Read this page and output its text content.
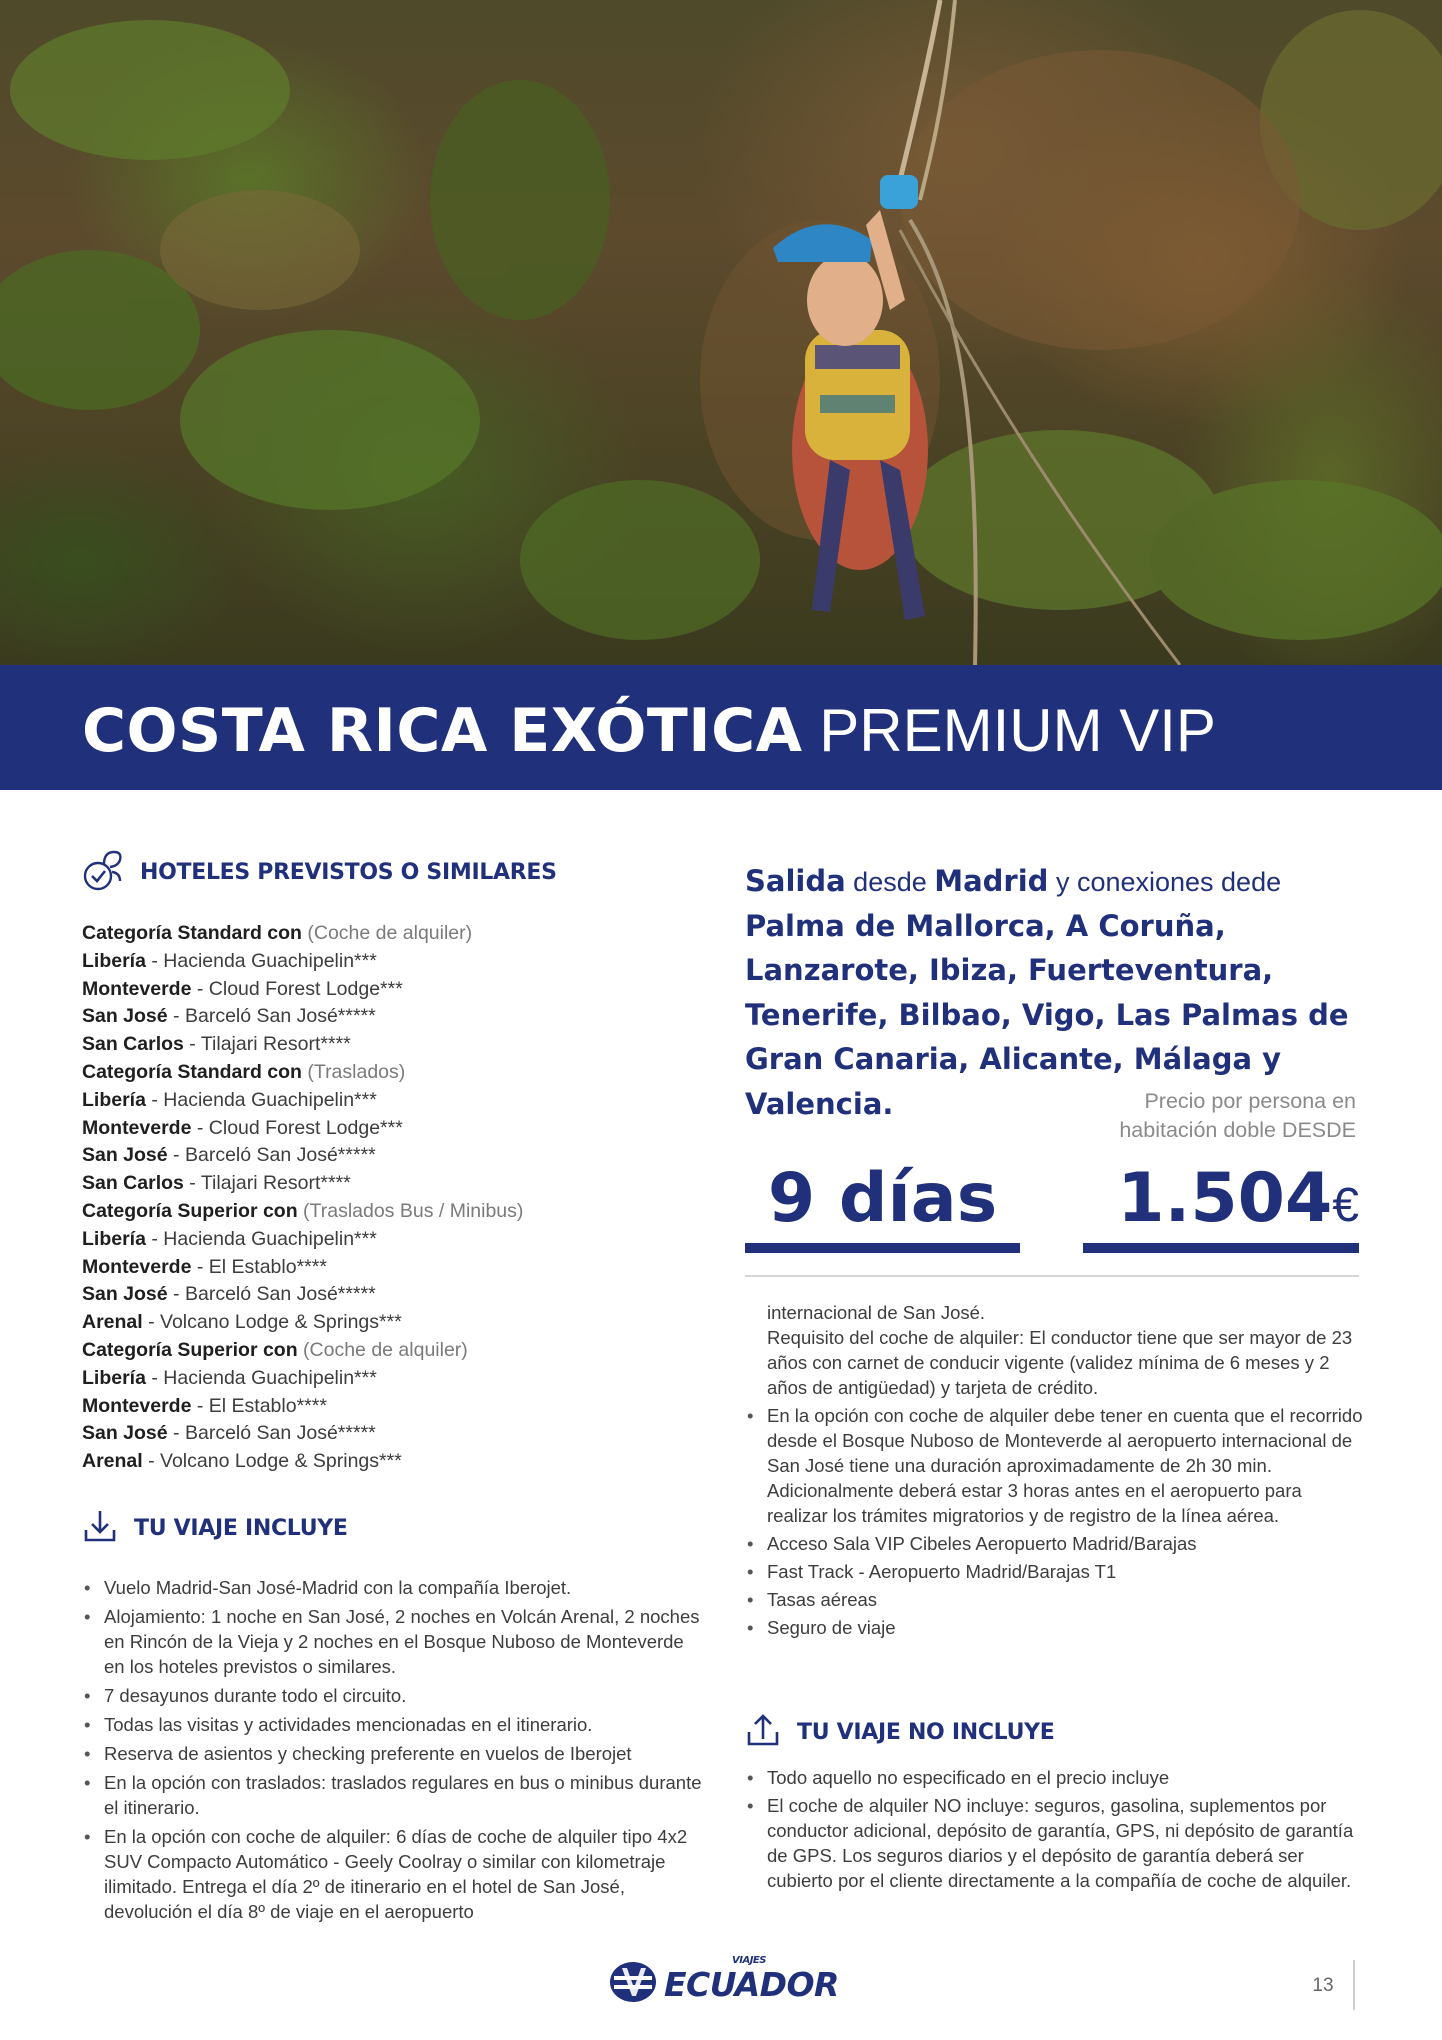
COSTA RICA EXÓTICA PREMIUM VIP
HOTELES PREVISTOS O SIMILARES
Categoría Standard con (Coche de alquiler)
Libería - Hacienda Guachipelin***
Monteverde - Cloud Forest Lodge***
San José - Barceló San José*****
San Carlos - Tilajari Resort****
Categoría Standard con (Traslados)
Libería - Hacienda Guachipelin***
Monteverde - Cloud Forest Lodge***
San José - Barceló San José*****
San Carlos - Tilajari Resort****
Categoría Superior con (Traslados Bus / Minibus)
Libería - Hacienda Guachipelin***
Monteverde - El Establo****
San José - Barceló San José*****
Arenal - Volcano Lodge & Springs***
Categoría Superior con (Coche de alquiler)
Libería - Hacienda Guachipelin***
Monteverde - El Establo****
San José - Barceló San José*****
Arenal - Volcano Lodge & Springs***
TU VIAJE INCLUYE
• Vuelo Madrid-San José-Madrid con la compañía Iberojet.
• Alojamiento: 1 noche en San José, 2 noches en Volcán Arenal, 2 noches en Rincón de la Vieja y 2 noches en el Bosque Nuboso de Monteverde en los hoteles previstos o similares.
• 7 desayunos durante todo el circuito.
• Todas las visitas y actividades mencionadas en el itinerario.
• Reserva de asientos y checking preferente en vuelos de Iberojet
• En la opción con traslados: traslados regulares en bus o minibus durante el itinerario.
• En la opción con coche de alquiler: 6 días de coche de alquiler tipo 4x2 SUV Compacto Automático - Geely Coolray o similar con kilometraje ilimitado. Entrega el día 2º de itinerario en el hotel de San José, devolución el día 8º de viaje en el aeropuerto
Salida desde Madrid y conexiones dede Palma de Mallorca, A Coruña, Lanzarote, Ibiza, Fuerteventura, Tenerife, Bilbao, Vigo, Las Palmas de Gran Canaria, Alicante, Málaga y Valencia.	Precio por persona en
habitación doble DESDE
9 días	1.504€
internacional de San José.
Requisito del coche de alquiler: El conductor tiene que ser mayor de 23 años con carnet de conducir vigente (validez mínima de 6 meses y 2 años de antigüedad) y tarjeta de crédito.
• En la opción con coche de alquiler debe tener en cuenta que el recorrido desde el Bosque Nuboso de Monteverde al aeropuerto internacional de San José tiene una duración aproximadamente de 2h 30 min. Adicionalmente deberá estar 3 horas antes en el aeropuerto para realizar los trámites migratorios y de registro de la línea aérea.
• Acceso Sala VIP Cibeles Aeropuerto Madrid/Barajas
• Fast Track - Aeropuerto Madrid/Barajas T1
• Tasas aéreas
• Seguro de viaje
TU VIAJE NO INCLUYE
• Todo aquello no especificado en el precio incluye
• El coche de alquiler NO incluye: seguros, gasolina, suplementos por conductor adicional, depósito de garantía, GPS, ni depósito de garantía de GPS. Los seguros diarios y el depósito de garantía deberá ser cubierto por el cliente directamente a la compañía de coche de alquiler.
VIAJES
ECUADOR	13
